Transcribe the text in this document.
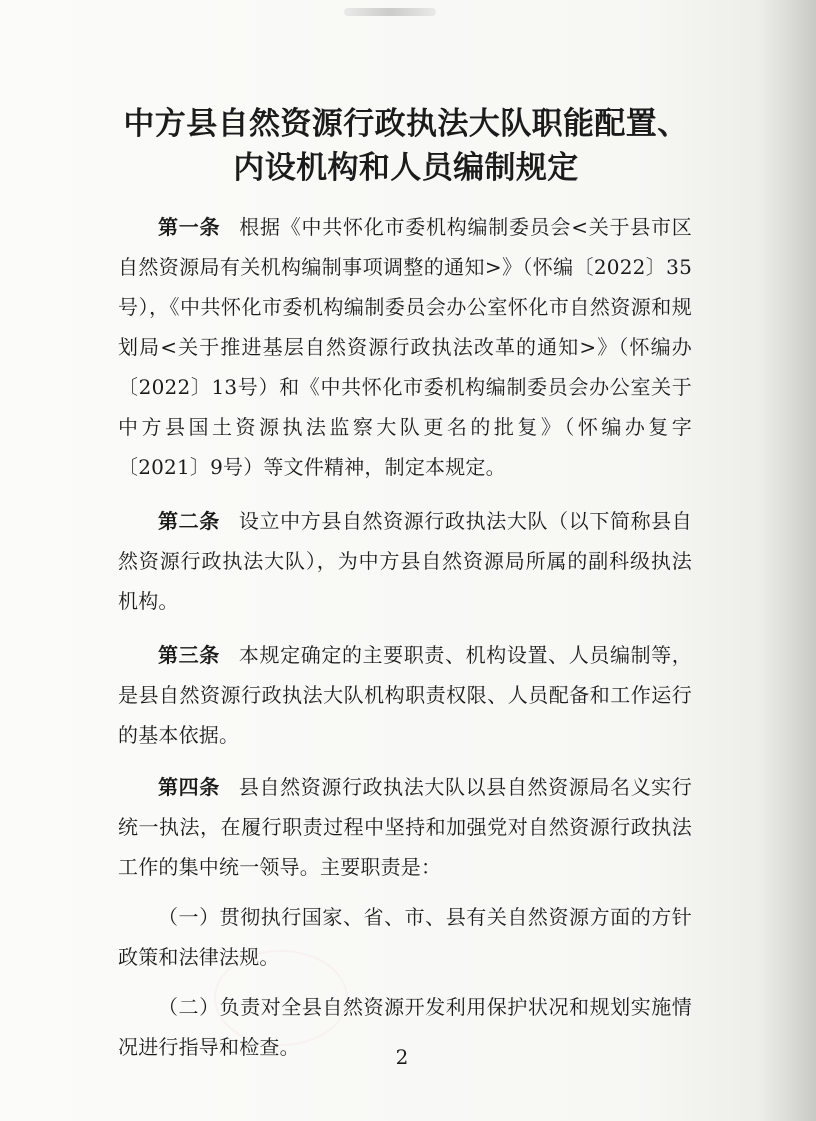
中方县自然资源行政执法大队职能配置、
内设机构和人员编制规定

第一条 根据《中共怀化市委机构编制委员会<关于县市区自然资源局有关机构编制事项调整的通知>》（怀编〔2022〕35号），《中共怀化市委机构编制委员会办公室怀化市自然资源和规划局<关于推进基层自然资源行政执法改革的通知>》（怀编办〔2022〕13号）和《中共怀化市委机构编制委员会办公室关于中方县国土资源执法监察大队更名的批复》（怀编办复字〔2021〕9号）等文件精神，制定本规定。

第二条 设立中方县自然资源行政执法大队（以下简称县自然资源行政执法大队），为中方县自然资源局所属的副科级执法机构。

第三条 本规定确定的主要职责、机构设置、人员编制等，是县自然资源行政执法大队机构职责权限、人员配备和工作运行的基本依据。

第四条 县自然资源行政执法大队以县自然资源局名义实行统一执法，在履行职责过程中坚持和加强党对自然资源行政执法工作的集中统一领导。主要职责是：

（一）贯彻执行国家、省、市、县有关自然资源方面的方针政策和法律法规。

（二）负责对全县自然资源开发利用保护状况和规划实施情况进行指导和检查。	2
